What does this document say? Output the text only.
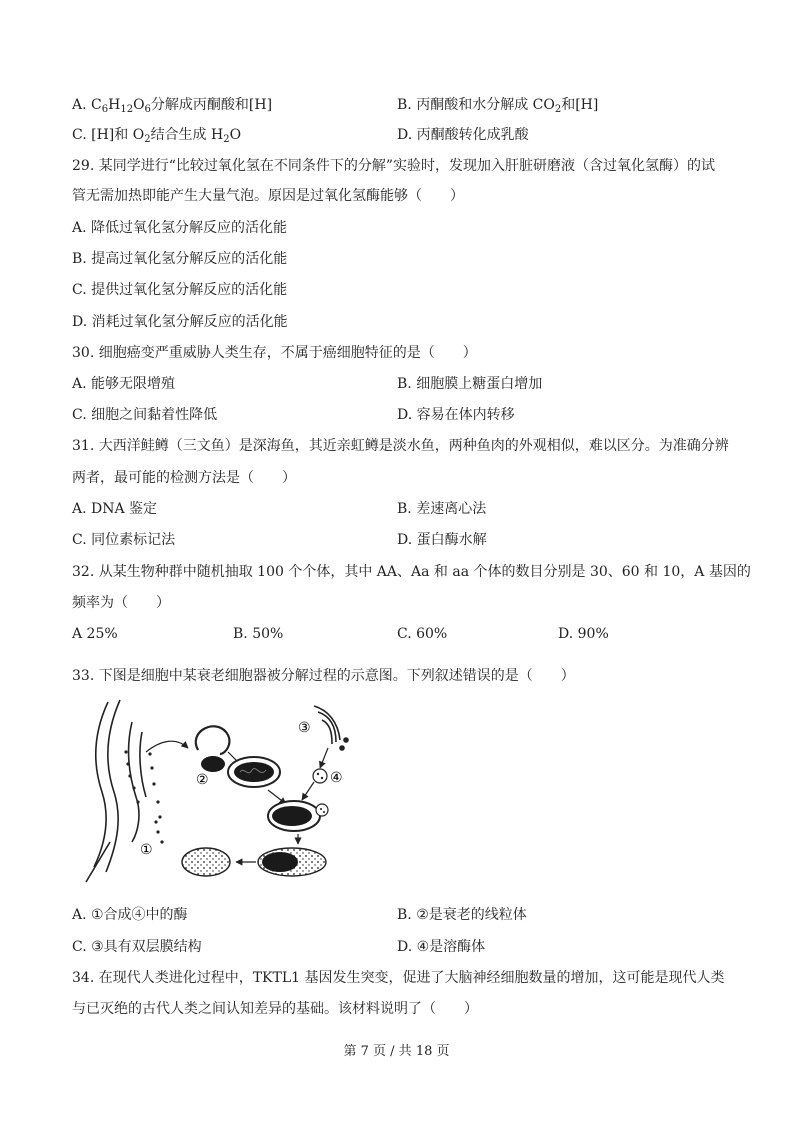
A. $C_6H_{12}O_6$分解成丙酮酸和[H]	B. 丙酮酸和水分解成 $CO_2$和[H]
C. [H]和 $O_2$结合生成 $H_2O$	D. 丙酮酸转化成乳酸
29. 某同学进行“比较过氧化氢在不同条件下的分解”实验时，发现加入肝脏研磨液（含过氧化氢酶）的试
管无需加热即能产生大量气泡。原因是过氧化氢酶能够（　　）
A. 降低过氧化氢分解反应的活化能
B. 提高过氧化氢分解反应的活化能
C. 提供过氧化氢分解反应的活化能
D. 消耗过氧化氢分解反应的活化能
30. 细胞癌变严重威胁人类生存，不属于癌细胞特征的是（　　）
A. 能够无限增殖	B. 细胞膜上糖蛋白增加
C. 细胞之间黏着性降低	D. 容易在体内转移
31. 大西洋鲑鳟（三文鱼）是深海鱼，其近亲虹鳟是淡水鱼，两种鱼肉的外观相似，难以区分。为准确分辨
两者，最可能的检测方法是（　　）
A. DNA 鉴定	B. 差速离心法
C. 同位素标记法	D. 蛋白酶水解
32. 从某生物种群中随机抽取 100 个个体，其中 AA、Aa 和 aa 个体的数目分别是 30、60 和 10，A 基因的
频率为（　　）
A 25%	B. 50%	C. 60%	D. 90%
33. 下图是细胞中某衰老细胞器被分解过程的示意图。下列叙述错误的是（　　）
②
③
④
①
A. ①合成④中的酶	B. ②是衰老的线粒体
C. ③具有双层膜结构	D. ④是溶酶体
34. 在现代人类进化过程中，TKTL1 基因发生突变，促进了大脑神经细胞数量的增加，这可能是现代人类
与已灭绝的古代人类之间认知差异的基础。该材料说明了（　　）
第 7 页 / 共 18 页
